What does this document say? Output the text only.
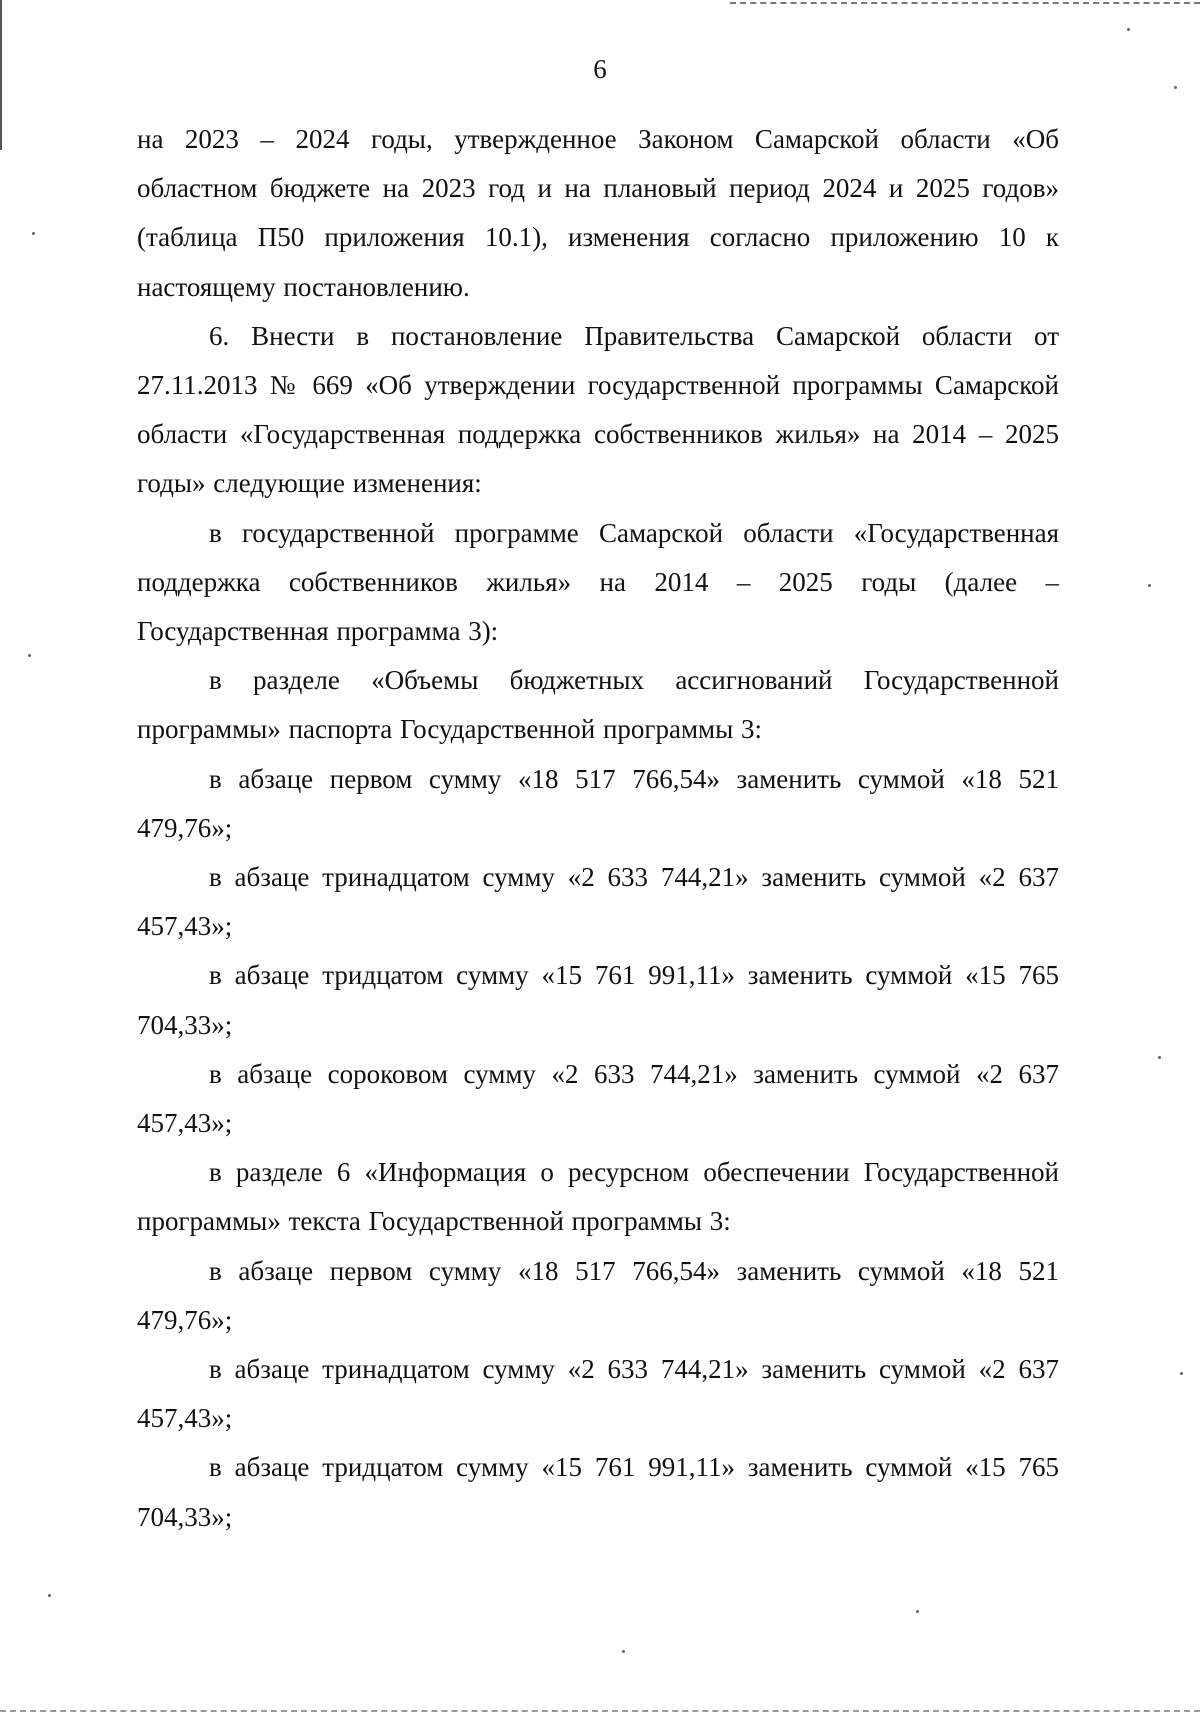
6

на 2023 – 2024 годы, утвержденное Законом Самарской области «Об областном бюджете на 2023 год и на плановый период 2024 и 2025 годов» (таблица П50 приложения 10.1), изменения согласно приложению 10 к настоящему постановлению.

6. Внести в постановление Правительства Самарской области от 27.11.2013 № 669 «Об утверждении государственной программы Самарской области «Государственная поддержка собственников жилья» на 2014 – 2025 годы» следующие изменения:

в государственной программе Самарской области «Государственная поддержка собственников жилья» на 2014 – 2025 годы (далее – Государственная программа 3):

в разделе «Объемы бюджетных ассигнований Государственной программы» паспорта Государственной программы 3:

в абзаце первом сумму «18 517 766,54» заменить суммой «18 521 479,76»;

в абзаце тринадцатом сумму «2 633 744,21» заменить суммой «2 637 457,43»;

в абзаце тридцатом сумму «15 761 991,11» заменить суммой «15 765 704,33»;

в абзаце сороковом сумму «2 633 744,21» заменить суммой «2 637 457,43»;

в разделе 6 «Информация о ресурсном обеспечении Государственной программы» текста Государственной программы 3:

в абзаце первом сумму «18 517 766,54» заменить суммой «18 521 479,76»;

в абзаце тринадцатом сумму «2 633 744,21» заменить суммой «2 637 457,43»;

в абзаце тридцатом сумму «15 761 991,11» заменить суммой «15 765 704,33»;
